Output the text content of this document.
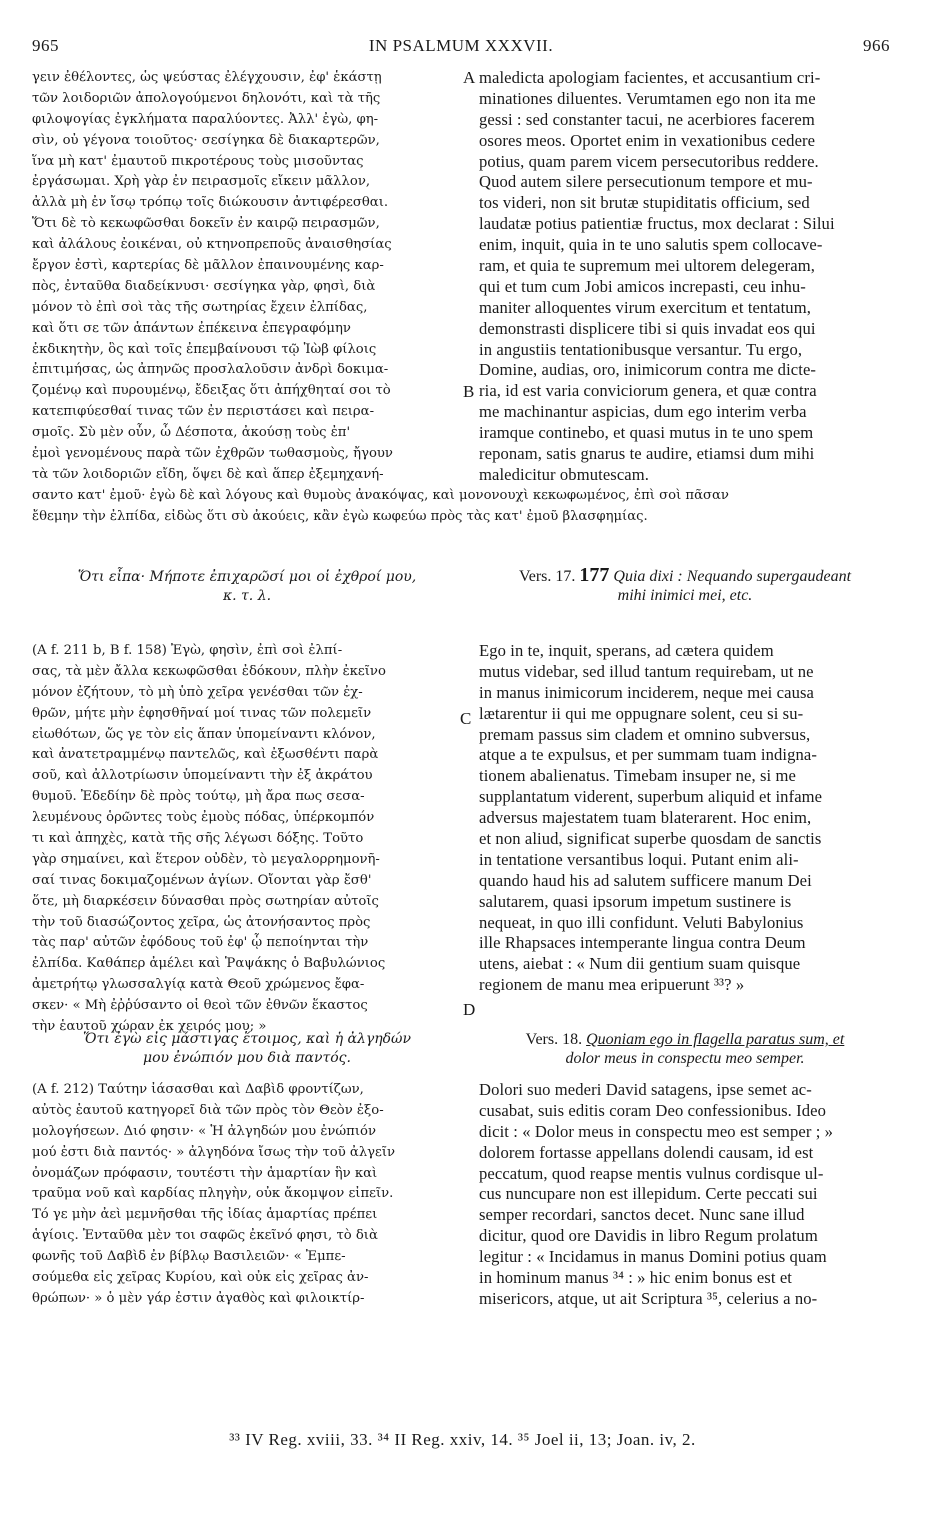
965	IN PSALMUM XXXVII.	966
γειν ἐθέλοντες, ὡς ψεύστας ἐλέγχουσιν, ἐφ' ἑκάστῃ
τῶν λοιδοριῶν ἀπολογούμενοι δηλονότι, καὶ τὰ τῆς
φιλοψογίας ἐγκλήματα παραλύοντες. Ἀλλ' ἐγὼ, φη-
σὶν, οὐ γέγονα τοιοῦτος· σεσίγηκα δὲ διακαρτερῶν,
ἵνα μὴ κατ' ἐμαυτοῦ πικροτέρους τοὺς μισοῦντας
ἐργάσωμαι. Χρὴ γὰρ ἐν πειρασμοῖς εἴκειν μᾶλλον,
ἀλλὰ μὴ ἐν ἴσῳ τρόπῳ τοῖς διώκουσιν ἀντιφέρεσθαι.
Ὅτι δὲ τὸ κεκωφῶσθαι δοκεῖν ἐν καιρῷ πειρασμῶν,
καὶ ἀλάλους ἐοικέναι, οὐ κτηνοπρεποῦς ἀναισθησίας
ἔργον ἐστὶ, καρτερίας δὲ μᾶλλον ἐπαινουμένης καρ-
πὸς, ἐνταῦθα διαδείκνυσι· σεσίγηκα γὰρ, φησὶ, διὰ
μόνον τὸ ἐπὶ σοὶ τὰς τῆς σωτηρίας ἔχειν ἐλπίδας,
καὶ ὅτι σε τῶν ἁπάντων ἐπέκεινα ἐπεγραφόμην
ἐκδικητὴν, ὃς καὶ τοῖς ἐπεμβαίνουσι τῷ Ἰὼβ φίλοις
ἐπιτιμήσας, ὡς ἀπηνῶς προσλαλοῦσιν ἀνδρὶ δοκιμα-
ζομένῳ καὶ πυρουμένῳ, ἔδειξας ὅτι ἀπήχθηταί σοι τὸ
κατεπιφύεσθαί τινας τῶν ἐν περιστάσει καὶ πειρα-
σμοῖς. Σὺ μὲν οὖν, ὦ Δέσποτα, ἀκούσῃ τοὺς ἐπ'
ἐμοὶ γενομένους παρὰ τῶν ἐχθρῶν τωθασμοὺς, ἤγουν
τὰ τῶν λοιδοριῶν εἴδη, ὅψει δὲ καὶ ἅπερ ἐξεμηχανή-
maledicta apologiam facientes, et accusantium cri-
minationes diluentes. Verumtamen ego non ita me
gessi : sed constanter tacui, ne acerbiores facerem
osores meos. Oportet enim in vexationibus cedere
potius, quam parem vicem persecutoribus reddere.
Quod autem silere persecutionum tempore et mu-
tos videri, non sit brutæ stupiditatis officium, sed
laudatæ potius patientiæ fructus, mox declarat : Silui
enim, inquit, quia in te uno salutis spem collocave-
ram, et quia te supremum mei ultorem delegeram,
qui et tum cum Jobi amicos increpasti, ceu inhu-
maniter alloquentes virum exercitum et tentatum,
demonstrasti displicere tibi si quis invadat eos qui
in angustiis tentationibusque versantur. Tu ergo,
Domine, audias, oro, inimicorum contra me dicte-
ria, id est varia conviciorum genera, et quæ contra
me machinantur aspicias, dum ego interim verba
iramque continebo, et quasi mutus in te uno spem
reponam, satis gnarus te audire, etiamsi dum mihi
maledicitur obmutescam.
σαντο κατ' ἐμοῦ· ἐγὼ δὲ καὶ λόγους καὶ θυμοὺς ἀνακόψας, καὶ μονονουχὶ κεκωφωμένος, ἐπὶ σοὶ πᾶσαν
ἔθεμην τὴν ἐλπίδα, εἰδὼς ὅτι σὺ ἀκούεις, κἂν ἐγὼ κωφεύω πρὸς τὰς κατ' ἐμοῦ βλασφημίας.
A
B
C
D
Ὅτι εἶπα· Μήποτε ἐπιχαρῶσί μοι οἱ ἐχθροί μου,
κ. τ. λ.
Vers. 17. 177 Quia dixi : Nequando supergaudeant
mihi inimici mei, etc.
(A f. 211 b, B f. 158) Ἐγὼ, φησὶν, ἐπὶ σοὶ ἐλπί-
σας, τὰ μὲν ἄλλα κεκωφῶσθαι ἐδόκουν, πλὴν ἐκεῖνο
μόνον ἐζήτουν, τὸ μὴ ὑπὸ χεῖρα γενέσθαι τῶν ἐχ-
θρῶν, μήτε μὴν ἐφησθῆναί μοί τινας τῶν πολεμεῖν
εἰωθότων, ὥς γε τὸν εἰς ἅπαν ὑπομείναντι κλόνον,
καὶ ἀνατετραμμένῳ παντελῶς, καὶ ἐξωσθέντι παρὰ
σοῦ, καὶ ἀλλοτρίωσιν ὑπομείναντι τὴν ἐξ ἀκράτου
θυμοῦ. Ἐδεδίην δὲ πρὸς τούτῳ, μὴ ἄρα πως σεσα-
λευμένους ὁρῶντες τοὺς ἐμοὺς πόδας, ὑπέρκομπόν
τι καὶ ἀπηχὲς, κατὰ τῆς σῆς λέγωσι δόξης. Τοῦτο
γὰρ σημαίνει, καὶ ἕτερον οὐδὲν, τὸ μεγαλορρημονῆ-
σαί τινας δοκιμαζομένων ἁγίων. Οἴονται γὰρ ἔσθ'
ὅτε, μὴ διαρκέσειν δύνασθαι πρὸς σωτηρίαν αὐτοῖς
τὴν τοῦ διασώζοντος χεῖρα, ὡς ἀτονήσαντος πρὸς
τὰς παρ' αὐτῶν ἐφόδους τοῦ ἐφ' ᾧ πεποίηνται τὴν
ἐλπίδα. Καθάπερ ἀμέλει καὶ Ῥαψάκης ὁ Βαβυλώνιος
ἀμετρήτῳ γλωσσαλγίᾳ κατὰ Θεοῦ χρώμενος ἔφα-
σκεν· « Μὴ ἐῤῥύσαντο οἱ θεοὶ τῶν ἐθνῶν ἕκαστος
τὴν ἑαυτοῦ χώραν ἐκ χειρός μου; »
Ego in te, inquit, sperans, ad cætera quidem
mutus videbar, sed illud tantum requirebam, ut ne
in manus inimicorum inciderem, neque mei causa
lætarentur ii qui me oppugnare solent, ceu si su-
premam passus sim cladem et omnino subversus,
atque a te expulsus, et per summam tuam indigna-
tionem abalienatus. Timebam insuper ne, si me
supplantatum viderent, superbum aliquid et infame
adversus majestatem tuam blaterarent. Hoc enim,
et non aliud, significat superbe quosdam de sanctis
in tentatione versantibus loqui. Putant enim ali-
quando haud his ad salutem sufficere manum Dei
salutarem, quasi ipsorum impetum sustinere is
nequeat, in quo illi confidunt. Veluti Babylonius
ille Rhapsaces intemperante lingua contra Deum
utens, aiebat : « Num dii gentium suam quisque
regionem de manu mea eripuerunt ³³? »
Ὅτι ἐγὼ εἰς μάστιγας ἕτοιμος, καὶ ἡ ἀλγηδών
μου ἐνώπιόν μου διὰ παντός.
Vers. 18. Quoniam ego in flagella paratus sum, et
dolor meus in conspectu meo semper.
(A f. 212) Ταύτην ἰάσασθαι καὶ Δαβὶδ φροντίζων,
αὐτὸς ἑαυτοῦ κατηγορεῖ διὰ τῶν πρὸς τὸν Θεὸν ἐξο-
μολογήσεων. Διό φησιν· « Ἡ ἀλγηδών μου ἐνώπιόν
μού ἐστι διὰ παντός· » ἀλγηδόνα ἴσως τὴν τοῦ ἀλγεῖν
ὀνομάζων πρόφασιν, τουτέστι τὴν ἁμαρτίαν ἣν καὶ
τραῦμα νοῦ καὶ καρδίας πληγὴν, οὐκ ἄκομψον εἰπεῖν.
Τό γε μὴν ἀεὶ μεμνῆσθαι τῆς ἰδίας ἁμαρτίας πρέπει
ἁγίοις. Ἐνταῦθα μὲν τοι σαφῶς ἐκεῖνό φησι, τὸ διὰ
φωνῆς τοῦ Δαβὶδ ἐν βίβλῳ Βασιλειῶν· « Ἐμπε-
σούμεθα εἰς χεῖρας Κυρίου, καὶ οὐκ εἰς χεῖρας ἀν-
θρώπων· » ὁ μὲν γάρ ἐστιν ἀγαθὸς καὶ φιλοικτίρ-
Dolori suo mederi David satagens, ipse semet ac-
cusabat, suis editis coram Deo confessionibus. Ideo
dicit : « Dolor meus in conspectu meo est semper ; »
dolorem fortasse appellans dolendi causam, id est
peccatum, quod reapse mentis vulnus cordisque ul-
cus nuncupare non est illepidum. Certe peccati sui
semper recordari, sanctos decet. Nunc sane illud
dicitur, quod ore Davidis in libro Regum prolatum
legitur : « Incidamus in manus Domini potius quam
in hominum manus ³⁴ : » hic enim bonus est et
misericors, atque, ut ait Scriptura ³⁵, celerius a no-
³³ IV Reg. xviii, 33. ³⁴ II Reg. xxiv, 14. ³⁵ Joel ii, 13; Joan. iv, 2.
